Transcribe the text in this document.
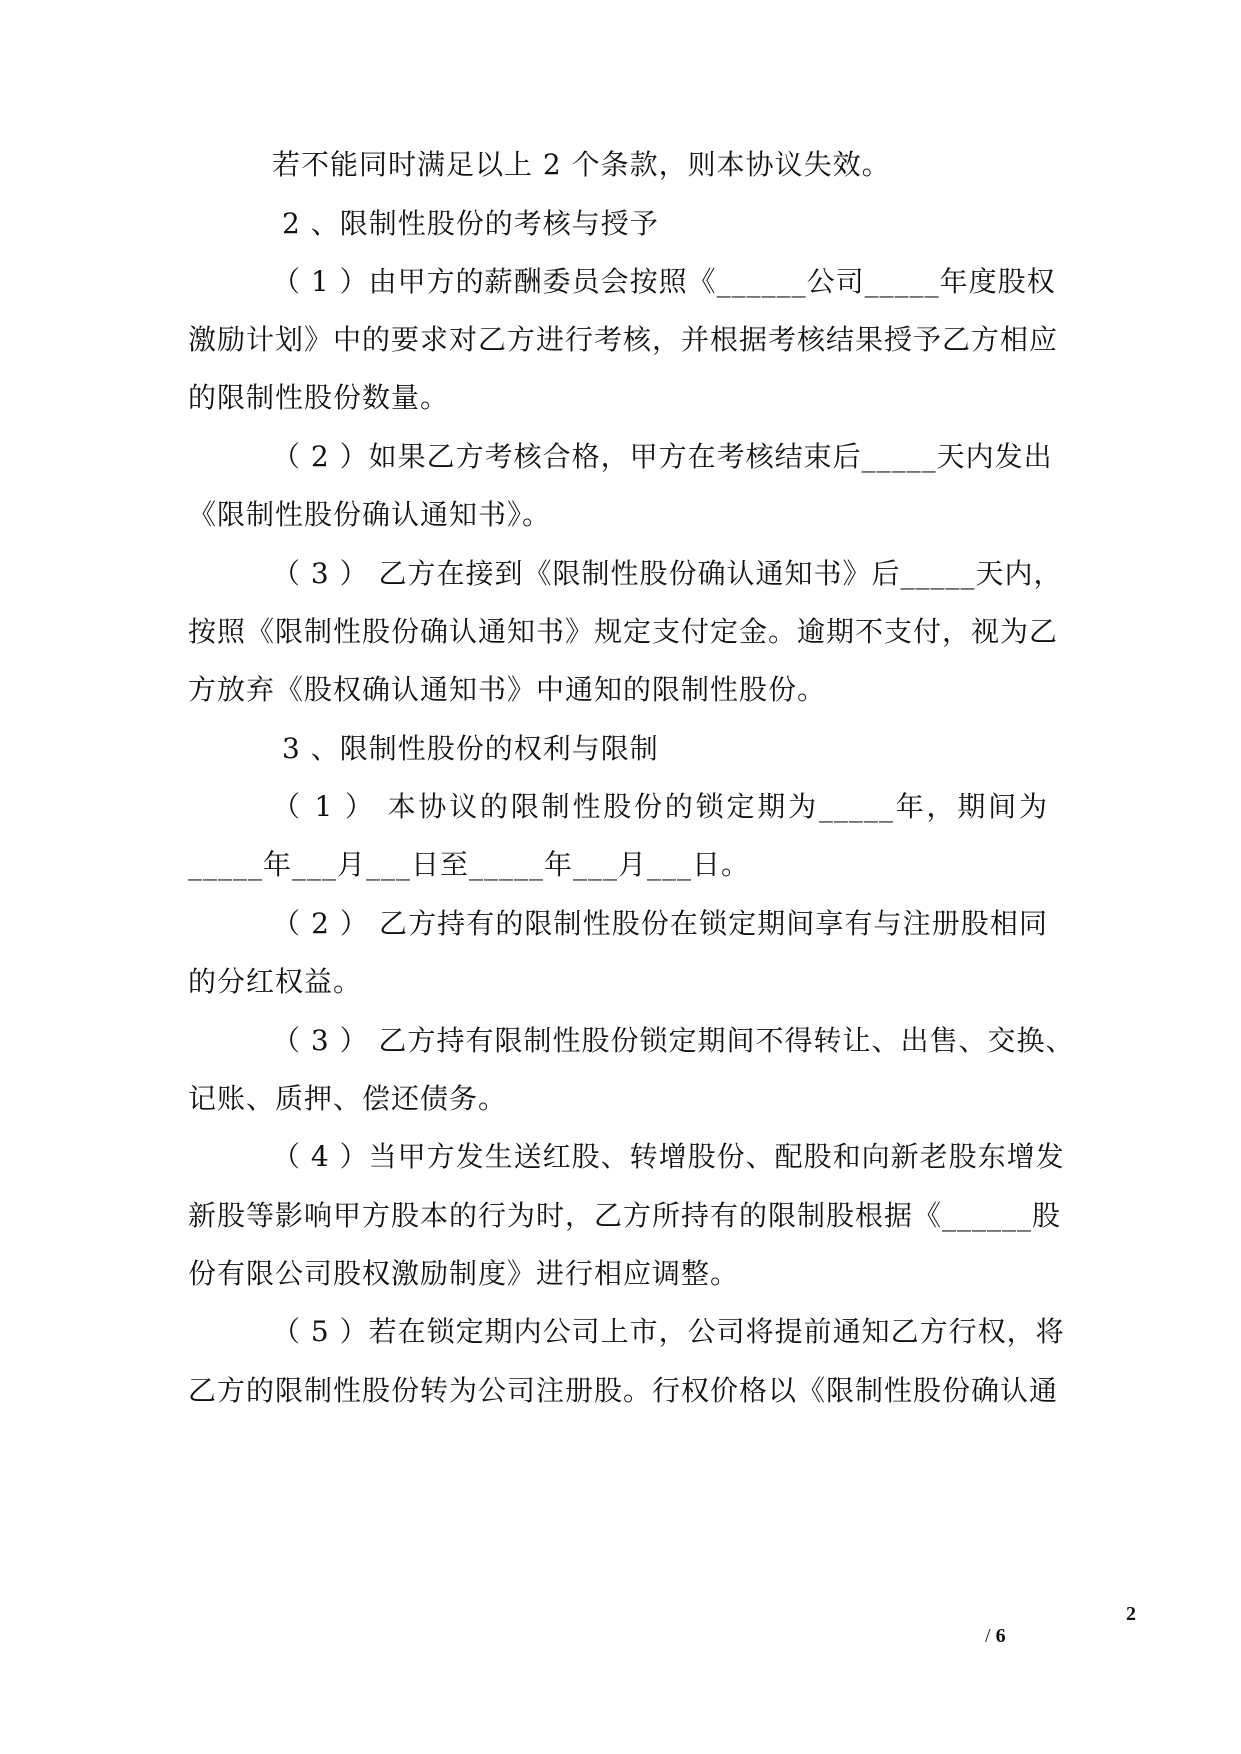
若不能同时满足以上 2 个条款，则本协议失效。
2 、限制性股份的考核与授予
（ 1 ）由甲方的薪酬委员会按照《______公司_____年度股权
激励计划》中的要求对乙方进行考核，并根据考核结果授予乙方相应
的限制性股份数量。
（ 2 ）如果乙方考核合格，甲方在考核结束后_____天内发出
《限制性股份确认通知书》。
（ 3 ） 乙方在接到《限制性股份确认通知书》后_____天内，
按照《限制性股份确认通知书》规定支付定金。逾期不支付，视为乙
方放弃《股权确认通知书》中通知的限制性股份。
3 、限制性股份的权利与限制
（ 1 ） 本协议的限制性股份的锁定期为_____年，期间为
_____年___月___日至_____年___月___日。
（ 2 ） 乙方持有的限制性股份在锁定期间享有与注册股相同
的分红权益。
（ 3 ） 乙方持有限制性股份锁定期间不得转让、出售、交换、
记账、质押、偿还债务。
（ 4 ）当甲方发生送红股、转增股份、配股和向新老股东增发
新股等影响甲方股本的行为时，乙方所持有的限制股根据《______股
份有限公司股权激励制度》进行相应调整。
（ 5 ）若在锁定期内公司上市，公司将提前通知乙方行权，将
乙方的限制性股份转为公司注册股。行权价格以《限制性股份确认通
2
/ 6
